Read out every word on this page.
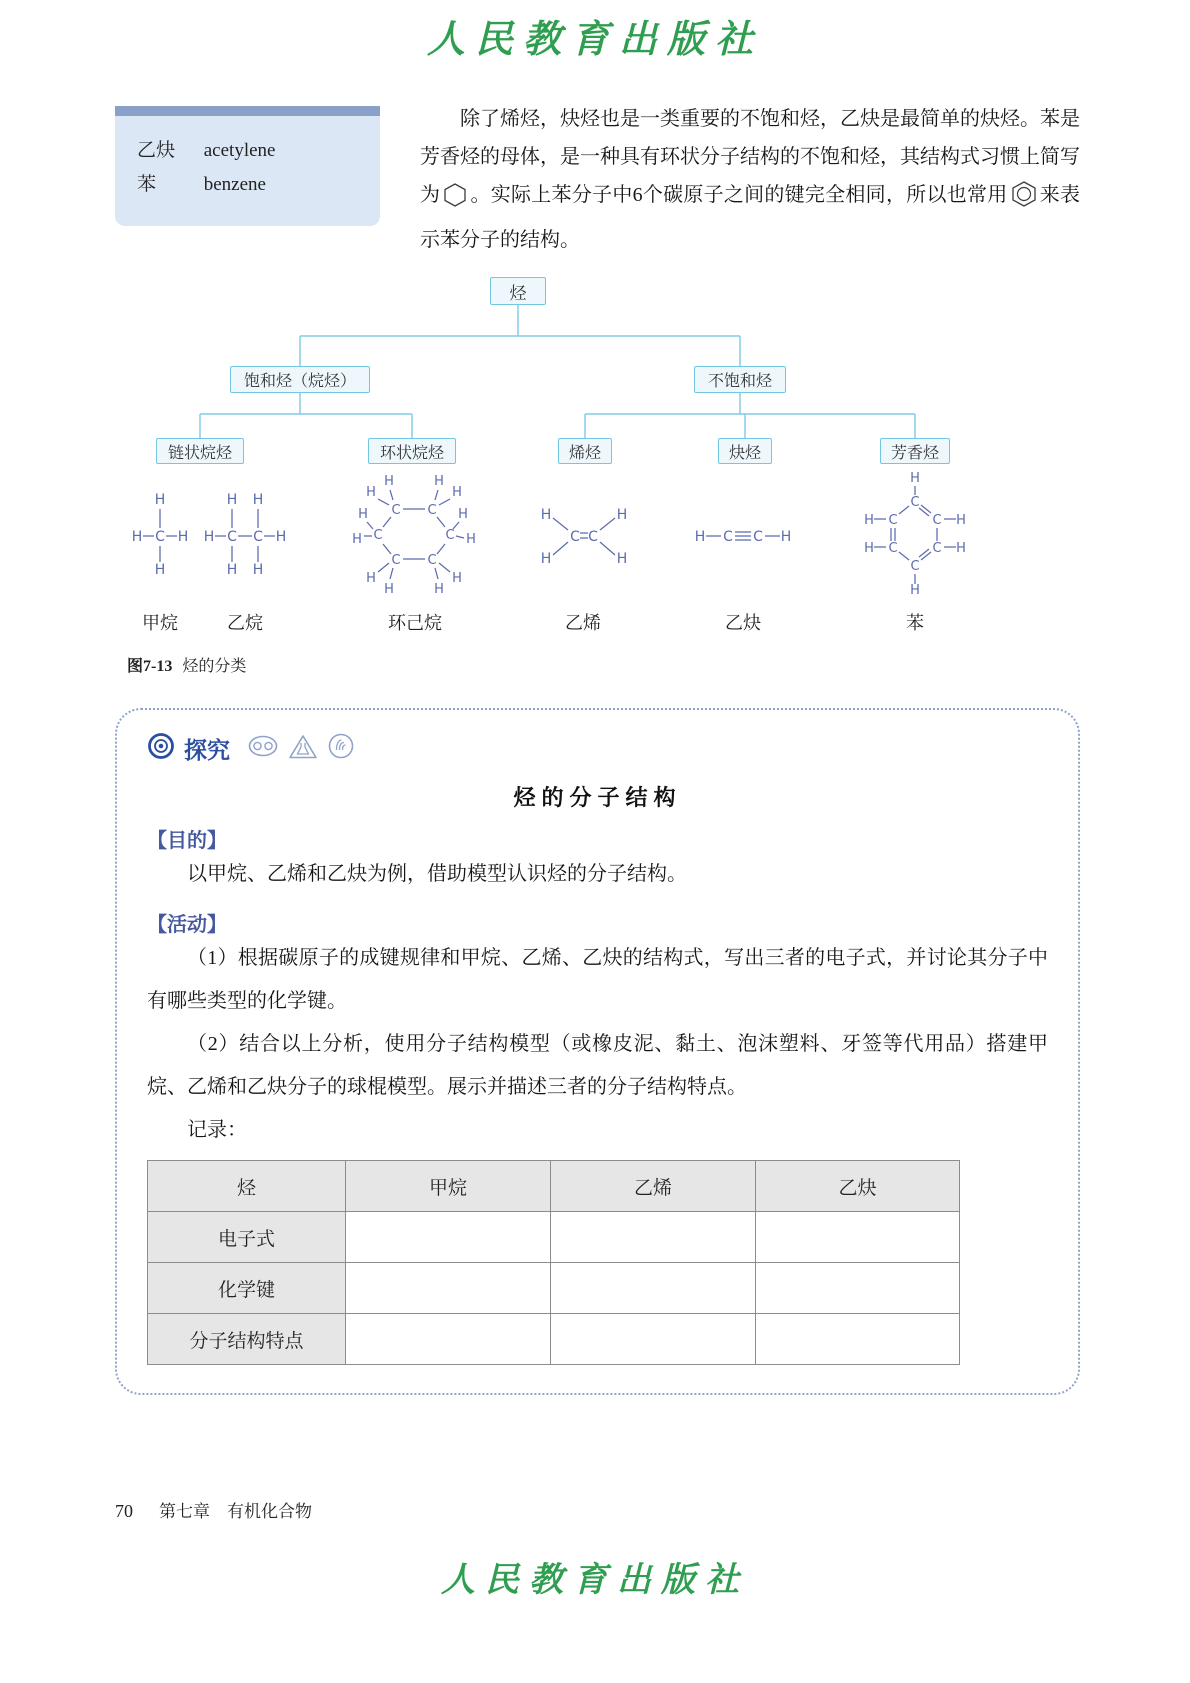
人民教育出版社
乙炔 acetylene
苯	benzene

除了烯烃，炔烃也是一类重要的不饱和烃，乙炔是最简单的炔烃。苯是芳香烃的母体，是一种具有环状分子结构的不饱和烃，其结构式习惯上简写为 。实际上苯分子中6个碳原子之间的键完全相同，所以也常用 来表示苯分子的结构。

烃
饱和烃（烷烃）	不饱和烃
链状烷烃	环状烷烃	烯烃	炔烃	芳香烃
H
H C H
H
H H
H C C H
H H
C C
C
C
C
C
H
H
H
H
H
H
H
H
H
H
H
H
C C
H
H
H
H
H C C H
C
H
C
H	C H
C
H	C H
C
H
甲烷	乙烷	环己烷	乙烯	乙炔	苯
图7-13 烃的分类
探究
烃的分子结构
【目的】

以甲烷、乙烯和乙炔为例，借助模型认识烃的分子结构。

【活动】

（1）根据碳原子的成键规律和甲烷、乙烯、乙炔的结构式，写出三者的电子式，并讨论其分子中有哪些类型的化学键。

（2）结合以上分析，使用分子结构模型（或橡皮泥、黏土、泡沫塑料、牙签等代用品）搭建甲烷、乙烯和乙炔分子的球棍模型。展示并描述三者的分子结构特点。

记录：

烃	甲烷	乙烯	乙炔
电子式			
化学键			
分子结构特点			
70 第七章　有机化合物
人民教育出版社
